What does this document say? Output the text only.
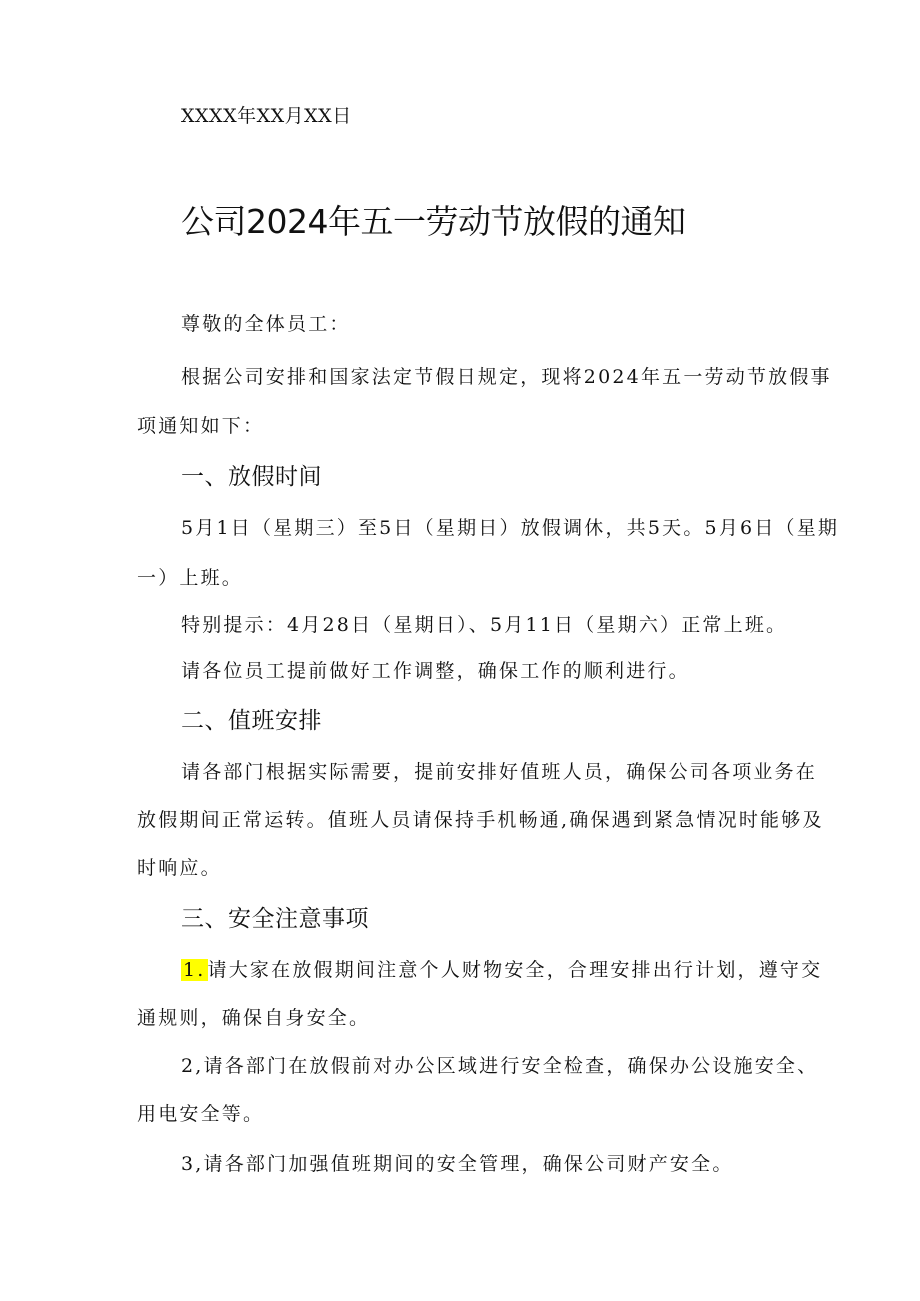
XXXX年XX月XX日

公司2024年五一劳动节放假的通知

尊敬的全体员工：

根据公司安排和国家法定节假日规定，现将2024年五一劳动节放假事

项通知如下：

一、放假时间

5月1日（星期三）至5日（星期日）放假调休，共5天。5月6日（星期

一）上班。

特别提示：4月28日（星期日）、5月11日（星期六）正常上班。

请各位员工提前做好工作调整，确保工作的顺利进行。

二、值班安排

请各部门根据实际需要，提前安排好值班人员，确保公司各项业务在

放假期间正常运转。值班人员请保持手机畅通,确保遇到紧急情况时能够及

时响应。

三、安全注意事项

1. 请大家在放假期间注意个人财物安全，合理安排出行计划，遵守交

通规则，确保自身安全。

2,请各部门在放假前对办公区域进行安全检查，确保办公设施安全、

用电安全等。

3,请各部门加强值班期间的安全管理，确保公司财产安全。
